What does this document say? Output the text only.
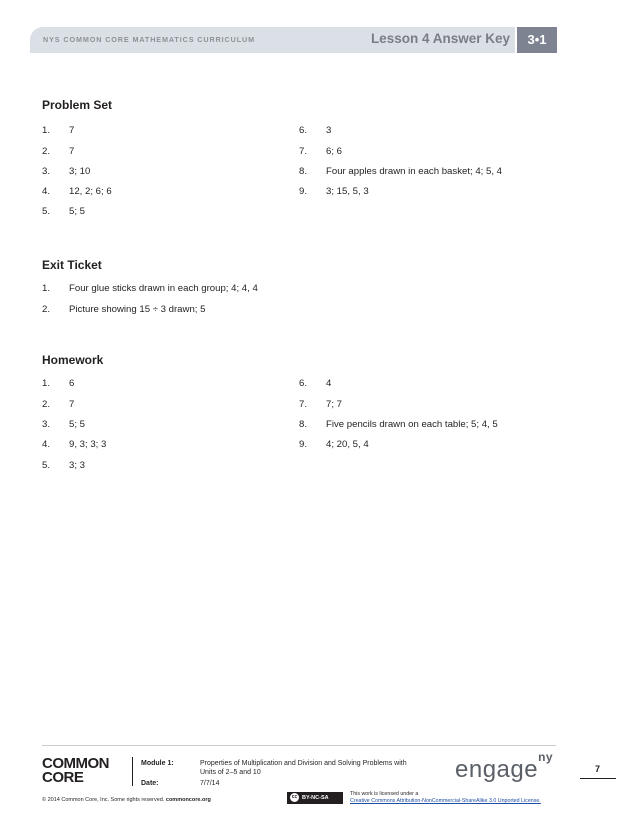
NYS COMMON CORE MATHEMATICS CURRICULUM	Lesson 4 Answer Key	3•1
Problem Set
1. 7
2. 7
3. 3; 10
4. 12, 2; 6; 6
5. 5; 5
6. 3
7. 6; 6
8. Four apples drawn in each basket; 4; 5, 4
9. 3; 15, 5, 3
Exit Ticket
1. Four glue sticks drawn in each group; 4; 4, 4
2. Picture showing 15 ÷ 3 drawn; 5
Homework
1. 6
2. 7
3. 5; 5
4. 9, 3; 3; 3
5. 3; 3
6. 4
7. 7; 7
8. Five pencils drawn on each table; 5; 4, 5
9. 4; 20, 5, 4
COMMON
CORE
Module 1:	Properties of Multiplication and Division and Solving Problems with Units of 2–5 and 10
Date:	7/7/14
engage$^{ny}$
7
© 2014 Common Core, Inc. Some rights reserved. commoncore.org	cc BY-NC-SA
This work is licensed under a
Creative Commons Attribution-NonCommercial-ShareAlike 3.0 Unported License.
